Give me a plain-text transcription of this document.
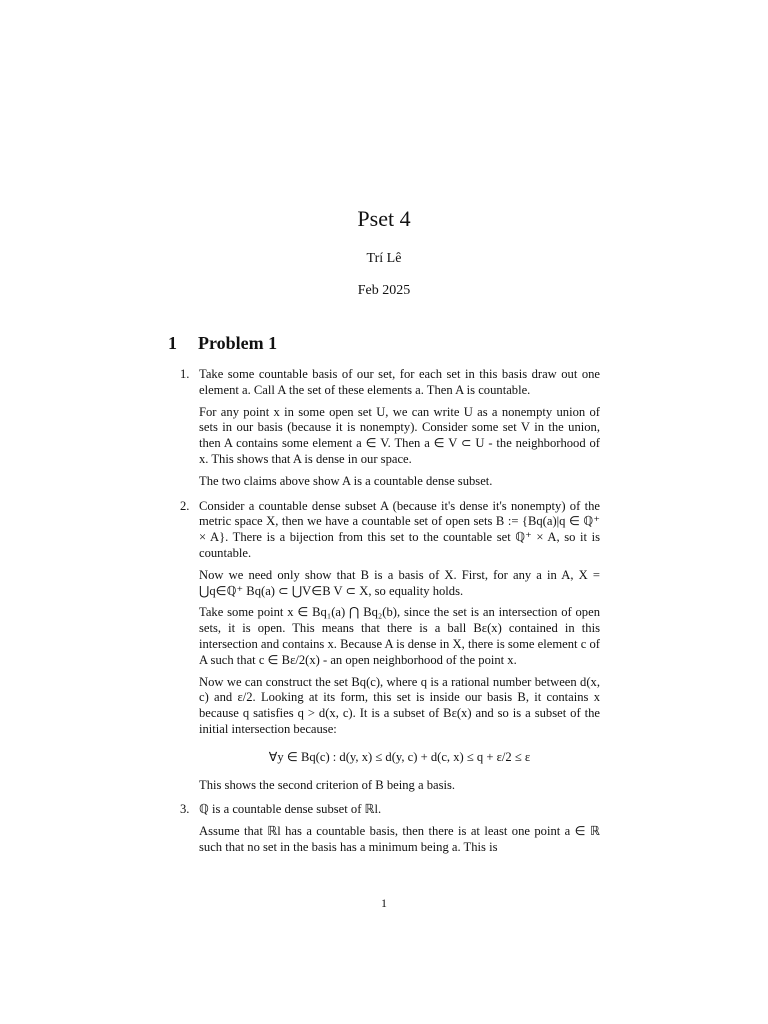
Pset 4
Trí Lê
Feb 2025
1 Problem 1
1. Take some countable basis of our set, for each set in this basis draw out one element a. Call A the set of these elements a. Then A is countable.

For any point x in some open set U, we can write U as a nonempty union of sets in our basis (because it is nonempty). Consider some set V in the union, then A contains some element a ∈ V. Then a ∈ V ⊂ U - the neighborhood of x. This shows that A is dense in our space.

The two claims above show A is a countable dense subset.

2. Consider a countable dense subset A (because it's dense it's nonempty) of the metric space X, then we have a countable set of open sets B := {Bq(a)|q ∈ ℚ⁺ × A}. There is a bijection from this set to the countable set ℚ⁺ × A, so it is countable.

Now we need only show that B is a basis of X. First, for any a in A, X = ⋃q∈ℚ⁺ Bq(a) ⊂ ⋃V∈B V ⊂ X, so equality holds.

Take some point x ∈ Bq₁(a) ⋂ Bq₂(b), since the set is an intersection of open sets, it is open. This means that there is a ball Bε(x) contained in this intersection and contains x. Because A is dense in X, there is some element c of A such that c ∈ Bε/2(x) - an open neighborhood of the point x.

Now we can construct the set Bq(c), where q is a rational number between d(x, c) and ε/2. Looking at its form, this set is inside our basis B, it contains x because q satisfies q > d(x, c). It is a subset of Bε(x) and so is a subset of the initial intersection because:

∀y ∈ Bq(c) : d(y, x) ≤ d(y, c) + d(c, x) ≤ q + ε/2 ≤ ε

This shows the second criterion of B being a basis.

3. ℚ is a countable dense subset of ℝl.

Assume that ℝl has a countable basis, then there is at least one point a ∈ ℝ such that no set in the basis has a minimum being a. This is

1
